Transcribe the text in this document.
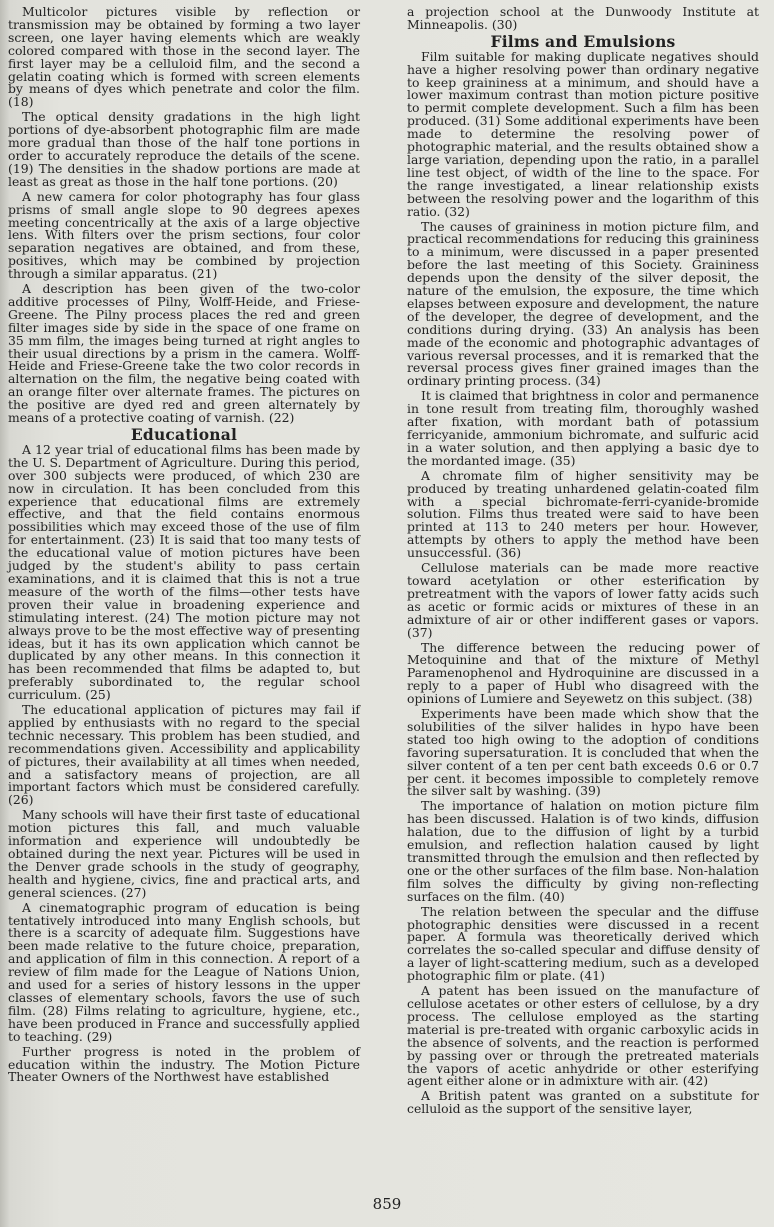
Multicolor pictures visible by reflection or transmission may be obtained by forming a two layer screen, one layer having elements which are weakly colored compared with those in the second layer. The first layer may be a celluloid film, and the second a gelatin coating which is formed with screen elements by means of dyes which penetrate and color the film. (18)

The optical density gradations in the high light portions of dye-absorbent photographic film are made more gradual than those of the half tone portions in order to accurately reproduce the details of the scene. (19) The densities in the shadow portions are made at least as great as those in the half tone portions. (20)

A new camera for color photography has four glass prisms of small angle slope to 90 degrees apexes meeting concentrically at the axis of a large objective lens. With filters over the prism sections, four color separation negatives are obtained, and from these, positives, which may be combined by projection through a similar apparatus. (21)

A description has been given of the two-color additive processes of Pilny, Wolff-Heide, and Friese-Greene. The Pilny process places the red and green filter images side by side in the space of one frame on 35 mm film, the images being turned at right angles to their usual directions by a prism in the camera. Wolff-Heide and Friese-Greene take the two color records in alternation on the film, the negative being coated with an orange filter over alternate frames. The pictures on the positive are dyed red and green alternately by means of a protective coating of varnish. (22)

Educational

A 12 year trial of educational films has been made by the U. S. Department of Agriculture. During this period, over 300 subjects were produced, of which 230 are now in circulation. It has been concluded from this experience that educational films are extremely effective, and that the field contains enormous possibilities which may exceed those of the use of film for entertainment. (23) It is said that too many tests of the educational value of motion pictures have been judged by the student's ability to pass certain examinations, and it is claimed that this is not a true measure of the worth of the films—other tests have proven their value in broadening experience and stimulating interest. (24) The motion picture may not always prove to be the most effective way of presenting ideas, but it has its own application which cannot be duplicated by any other means. In this connection it has been recommended that films be adapted to, but preferably subordinated to, the regular school curriculum. (25)

The educational application of pictures may fail if applied by enthusiasts with no regard to the special technic necessary. This problem has been studied, and recommendations given. Accessibility and applicability of pictures, their availability at all times when needed, and a satisfactory means of projection, are all important factors which must be considered carefully. (26)

Many schools will have their first taste of educational motion pictures this fall, and much valuable information and experience will undoubtedly be obtained during the next year. Pictures will be used in the Denver grade schools in the study of geography, health and hygiene, civics, fine and practical arts, and general sciences. (27)

A cinematographic program of education is being tentatively introduced into many English schools, but there is a scarcity of adequate film. Suggestions have been made relative to the future choice, preparation, and application of film in this connection. A report of a review of film made for the League of Nations Union, and used for a series of history lessons in the upper classes of elementary schools, favors the use of such film. (28) Films relating to agriculture, hygiene, etc., have been produced in France and successfully applied to teaching. (29)

Further progress is noted in the problem of education within the industry. The Motion Picture Theater Owners of the Northwest have established

a projection school at the Dunwoody Institute at Minneapolis. (30)

Films and Emulsions

Film suitable for making duplicate negatives should have a higher resolving power than ordinary negative to keep graininess at a minimum, and should have a lower maximum contrast than motion picture positive to permit complete development. Such a film has been produced. (31) Some additional experiments have been made to determine the resolving power of photographic material, and the results obtained show a large variation, depending upon the ratio, in a parallel line test object, of width of the line to the space. For the range investigated, a linear relationship exists between the resolving power and the logarithm of this ratio. (32)

The causes of graininess in motion picture film, and practical recommendations for reducing this graininess to a minimum, were discussed in a paper presented before the last meeting of this Society. Graininess depends upon the density of the silver deposit, the nature of the emulsion, the exposure, the time which elapses between exposure and development, the nature of the developer, the degree of development, and the conditions during drying. (33) An analysis has been made of the economic and photographic advantages of various reversal processes, and it is remarked that the reversal process gives finer grained images than the ordinary printing process. (34)

It is claimed that brightness in color and permanence in tone result from treating film, thoroughly washed after fixation, with mordant bath of potassium ferricyanide, ammonium bichromate, and sulfuric acid in a water solution, and then applying a basic dye to the mordanted image. (35)

A chromate film of higher sensitivity may be produced by treating unhardened gelatin-coated film with a special bichromate-ferri-cyanide-bromide solution. Films thus treated were said to have been printed at 113 to 240 meters per hour. However, attempts by others to apply the method have been unsuccessful. (36)

Cellulose materials can be made more reactive toward acetylation or other esterification by pretreatment with the vapors of lower fatty acids such as acetic or formic acids or mixtures of these in an admixture of air or other indifferent gases or vapors. (37)

The difference between the reducing power of Metoquinine and that of the mixture of Methyl Paramenophenol and Hydroquinine are discussed in a reply to a paper of Hubl who disagreed with the opinions of Lumiere and Seyewetz on this subject. (38)

Experiments have been made which show that the solubilities of the silver halides in hypo have been stated too high owing to the adoption of conditions favoring supersaturation. It is concluded that when the silver content of a ten per cent bath exceeds 0.6 or 0.7 per cent. it becomes impossible to completely remove the silver salt by washing. (39)

The importance of halation on motion picture film has been discussed. Halation is of two kinds, diffusion halation, due to the diffusion of light by a turbid emulsion, and reflection halation caused by light transmitted through the emulsion and then reflected by one or the other surfaces of the film base. Non-halation film solves the difficulty by giving non-reflecting surfaces on the film. (40)

The relation between the specular and the diffuse photographic densities were discussed in a recent paper. A formula was theoretically derived which correlates the so-called specular and diffuse density of a layer of light-scattering medium, such as a developed photographic film or plate. (41)

A patent has been issued on the manufacture of cellulose acetates or other esters of cellulose, by a dry process. The cellulose employed as the starting material is pre-treated with organic carboxylic acids in the absence of solvents, and the reaction is performed by passing over or through the pretreated materials the vapors of acetic anhydride or other esterifying agent either alone or in admixture with air. (42)

A British patent was granted on a substitute for celluloid as the support of the sensitive layer,

859
